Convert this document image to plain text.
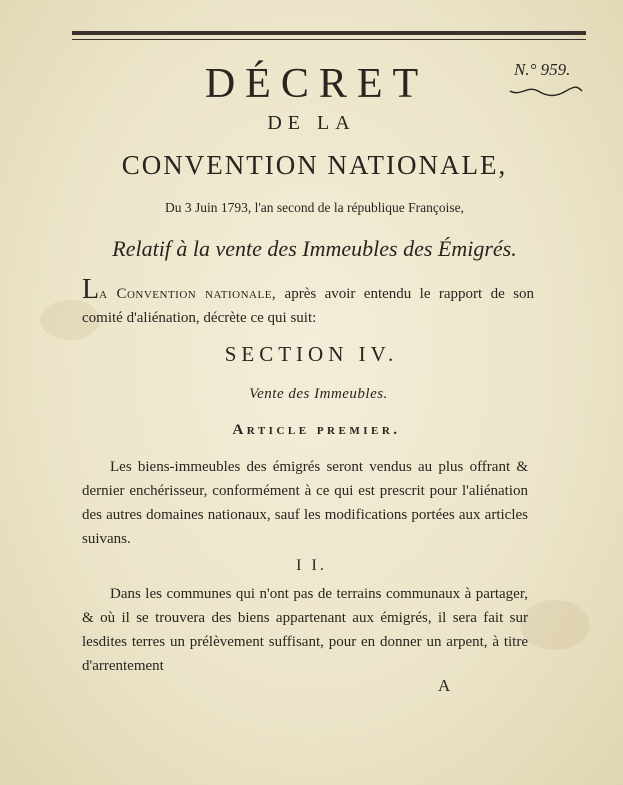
N.° 959.
DÉCRET
DE LA
CONVENTION NATIONALE,
Du 3 Juin 1793, l'an second de la république Françoise,
Relatif à la vente des Immeubles des Émigrés.
La Convention nationale, après avoir entendu le rapport de son comité d'aliénation, décrète ce qui suit:
SECTION IV.
Vente des Immeubles.
Article premier.
Les biens-immeubles des émigrés seront vendus au plus offrant & dernier enchérisseur, conformément à ce qui est prescrit pour l'aliénation des autres domaines nationaux, sauf les modifications portées aux articles suivans.
I I.
Dans les communes qui n'ont pas de terrains communaux à partager, & où il se trouvera des biens appartenant aux émigrés, il sera fait sur lesdites terres un prélèvement suffisant, pour en donner un arpent, à titre d'arrentement
A
